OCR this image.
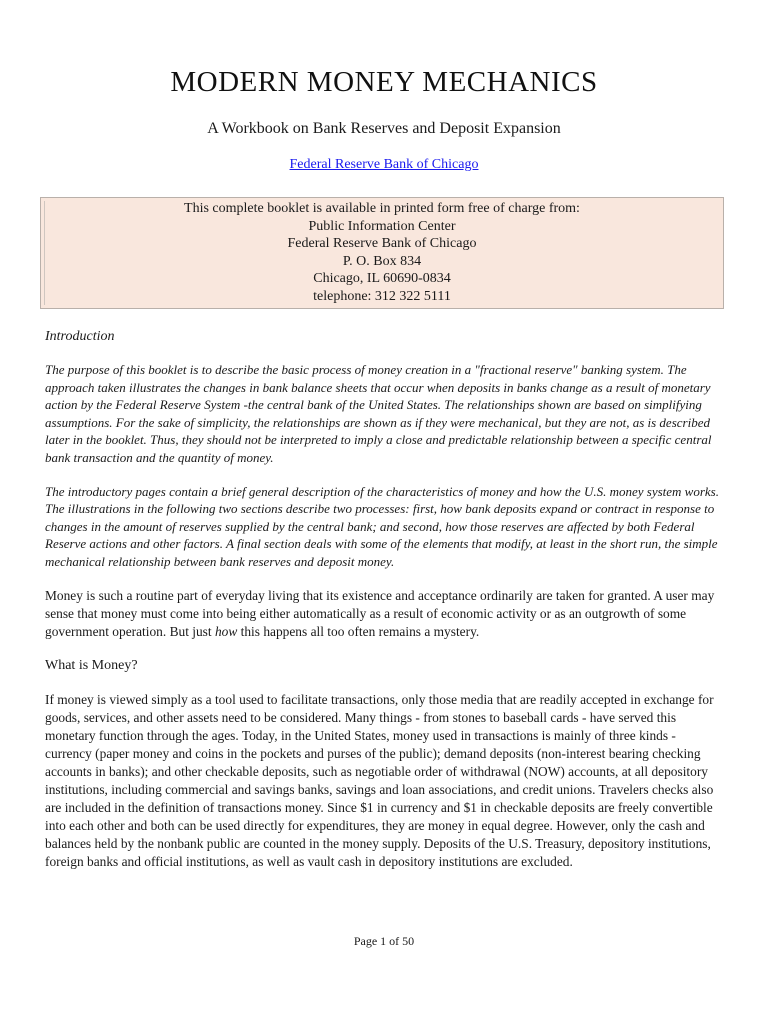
MODERN MONEY MECHANICS

A Workbook on Bank Reserves and Deposit Expansion

Federal Reserve Bank of Chicago
This complete booklet is available in printed form free of charge from:
Public Information Center
Federal Reserve Bank of Chicago
P. O. Box 834
Chicago, IL 60690-0834
telephone: 312 322 5111

Introduction

The purpose of this booklet is to describe the basic process of money creation in a "fractional reserve" banking system. The approach taken illustrates the changes in bank balance sheets that occur when deposits in banks change as a result of monetary action by the Federal Reserve System -the central bank of the United States. The relationships shown are based on simplifying assumptions. For the sake of simplicity, the relationships are shown as if they were mechanical, but they are not, as is described later in the booklet. Thus, they should not be interpreted to imply a close and predictable relationship between a specific central bank transaction and the quantity of money.

The introductory pages contain a brief general description of the characteristics of money and how the U.S. money system works. The illustrations in the following two sections describe two processes: first, how bank deposits expand or contract in response to changes in the amount of reserves supplied by the central bank; and second, how those reserves are affected by both Federal Reserve actions and other factors. A final section deals with some of the elements that modify, at least in the short run, the simple mechanical relationship between bank reserves and deposit money.

Money is such a routine part of everyday living that its existence and acceptance ordinarily are taken for granted. A user may sense that money must come into being either automatically as a result of economic activity or as an outgrowth of some government operation. But just how this happens all too often remains a mystery.

What is Money?

If money is viewed simply as a tool used to facilitate transactions, only those media that are readily accepted in exchange for goods, services, and other assets need to be considered. Many things - from stones to baseball cards - have served this monetary function through the ages. Today, in the United States, money used in transactions is mainly of three kinds - currency (paper money and coins in the pockets and purses of the public); demand deposits (non-interest bearing checking accounts in banks); and other checkable deposits, such as negotiable order of withdrawal (NOW) accounts, at all depository institutions, including commercial and savings banks, savings and loan associations, and credit unions. Travelers checks also are included in the definition of transactions money. Since $1 in currency and $1 in checkable deposits are freely convertible into each other and both can be used directly for expenditures, they are money in equal degree. However, only the cash and balances held by the nonbank public are counted in the money supply. Deposits of the U.S. Treasury, depository institutions, foreign banks and official institutions, as well as vault cash in depository institutions are excluded.

Page 1 of 50
